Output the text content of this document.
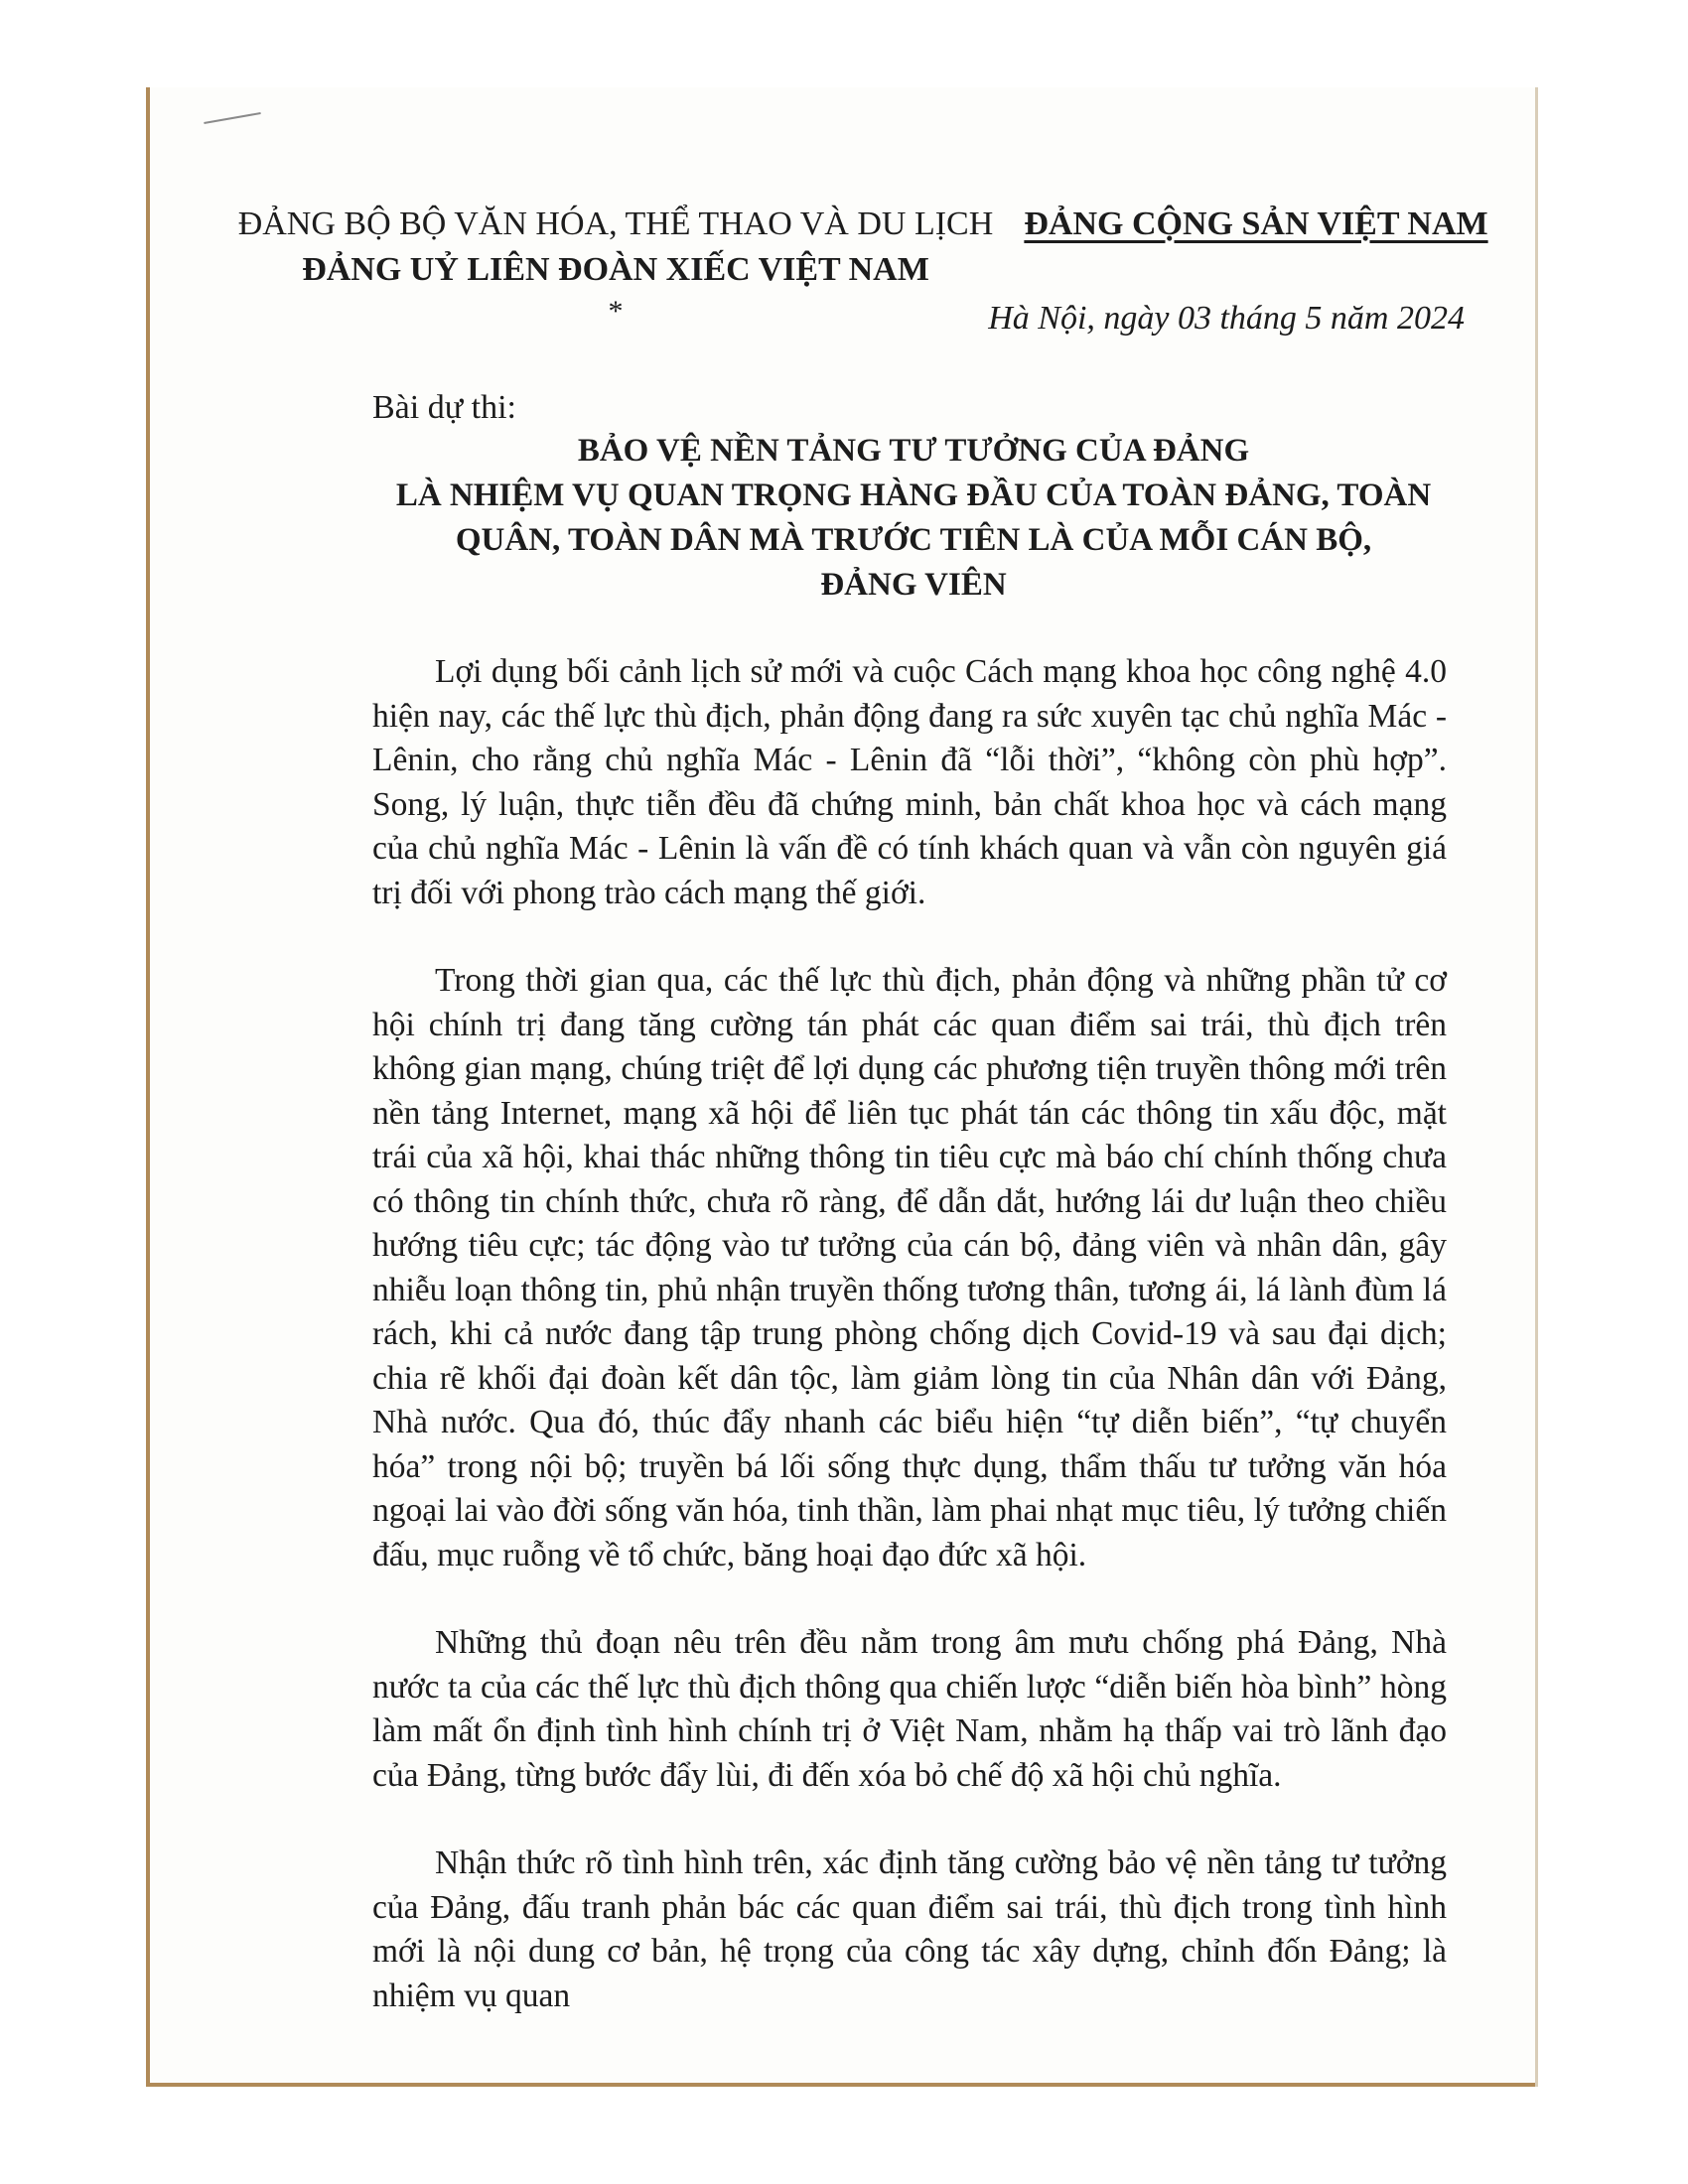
ĐẢNG BỘ BỘ VĂN HÓA, THỂ THAO VÀ DU LỊCH
ĐẢNG UỶ LIÊN ĐOÀN XIẾC VIỆT NAM
*
ĐẢNG CỘNG SẢN VIỆT NAM
Hà Nội, ngày 03 tháng 5 năm 2024
Bài dự thi:
BẢO VỆ NỀN TẢNG TƯ TƯỞNG CỦA ĐẢNG
LÀ NHIỆM VỤ QUAN TRỌNG HÀNG ĐẦU CỦA TOÀN ĐẢNG, TOÀN
QUÂN, TOÀN DÂN MÀ TRƯỚC TIÊN LÀ CỦA MỖI CÁN BỘ,
ĐẢNG VIÊN

Lợi dụng bối cảnh lịch sử mới và cuộc Cách mạng khoa học công nghệ 4.0 hiện nay, các thế lực thù địch, phản động đang ra sức xuyên tạc chủ nghĩa Mác - Lênin, cho rằng chủ nghĩa Mác - Lênin đã “lỗi thời”, “không còn phù hợp”. Song, lý luận, thực tiễn đều đã chứng minh, bản chất khoa học và cách mạng của chủ nghĩa Mác - Lênin là vấn đề có tính khách quan và vẫn còn nguyên giá trị đối với phong trào cách mạng thế giới.

Trong thời gian qua, các thế lực thù địch, phản động và những phần tử cơ hội chính trị đang tăng cường tán phát các quan điểm sai trái, thù địch trên không gian mạng, chúng triệt để lợi dụng các phương tiện truyền thông mới trên nền tảng Internet, mạng xã hội để liên tục phát tán các thông tin xấu độc, mặt trái của xã hội, khai thác những thông tin tiêu cực mà báo chí chính thống chưa có thông tin chính thức, chưa rõ ràng, để dẫn dắt, hướng lái dư luận theo chiều hướng tiêu cực; tác động vào tư tưởng của cán bộ, đảng viên và nhân dân, gây nhiễu loạn thông tin, phủ nhận truyền thống tương thân, tương ái, lá lành đùm lá rách, khi cả nước đang tập trung phòng chống dịch Covid-19 và sau đại dịch; chia rẽ khối đại đoàn kết dân tộc, làm giảm lòng tin của Nhân dân với Đảng, Nhà nước. Qua đó, thúc đẩy nhanh các biểu hiện “tự diễn biến”, “tự chuyển hóa” trong nội bộ; truyền bá lối sống thực dụng, thẩm thấu tư tưởng văn hóa ngoại lai vào đời sống văn hóa, tinh thần, làm phai nhạt mục tiêu, lý tưởng chiến đấu, mục ruỗng về tổ chức, băng hoại đạo đức xã hội.

Những thủ đoạn nêu trên đều nằm trong âm mưu chống phá Đảng, Nhà nước ta của các thế lực thù địch thông qua chiến lược “diễn biến hòa bình” hòng làm mất ổn định tình hình chính trị ở Việt Nam, nhằm hạ thấp vai trò lãnh đạo của Đảng, từng bước đẩy lùi, đi đến xóa bỏ chế độ xã hội chủ nghĩa.

Nhận thức rõ tình hình trên, xác định tăng cường bảo vệ nền tảng tư tưởng của Đảng, đấu tranh phản bác các quan điểm sai trái, thù địch trong tình hình mới là nội dung cơ bản, hệ trọng của công tác xây dựng, chỉnh đốn Đảng; là nhiệm vụ quan
